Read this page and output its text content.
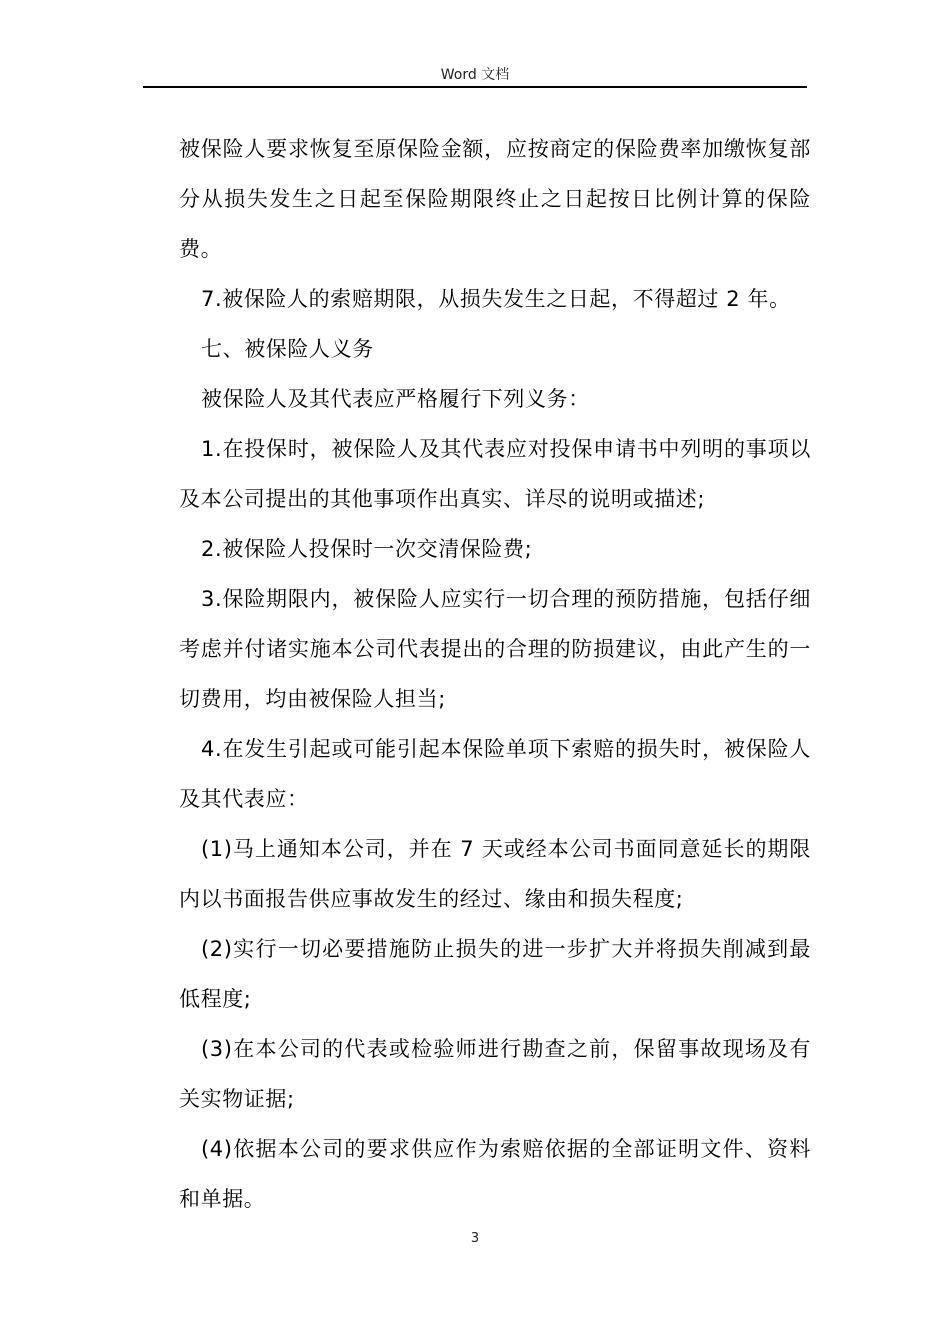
Word 文档

被保险人要求恢复至原保险金额，应按商定的保险费率加缴恢复部分从损失发生之日起至保险期限终止之日起按日比例计算的保险费。

7.被保险人的索赔期限，从损失发生之日起，不得超过 2 年。

七、被保险人义务

被保险人及其代表应严格履行下列义务：

1.在投保时，被保险人及其代表应对投保申请书中列明的事项以及本公司提出的其他事项作出真实、详尽的说明或描述;

2.被保险人投保时一次交清保险费;

3.保险期限内，被保险人应实行一切合理的预防措施，包括仔细考虑并付诸实施本公司代表提出的合理的防损建议，由此产生的一切费用，均由被保险人担当;

4.在发生引起或可能引起本保险单项下索赔的损失时，被保险人及其代表应：

(1)马上通知本公司，并在 7 天或经本公司书面同意延长的期限内以书面报告供应事故发生的经过、缘由和损失程度;

(2)实行一切必要措施防止损失的进一步扩大并将损失削减到最低程度;

(3)在本公司的代表或检验师进行勘查之前，保留事故现场及有关实物证据;

(4)依据本公司的要求供应作为索赔依据的全部证明文件、资料和单据。

3
